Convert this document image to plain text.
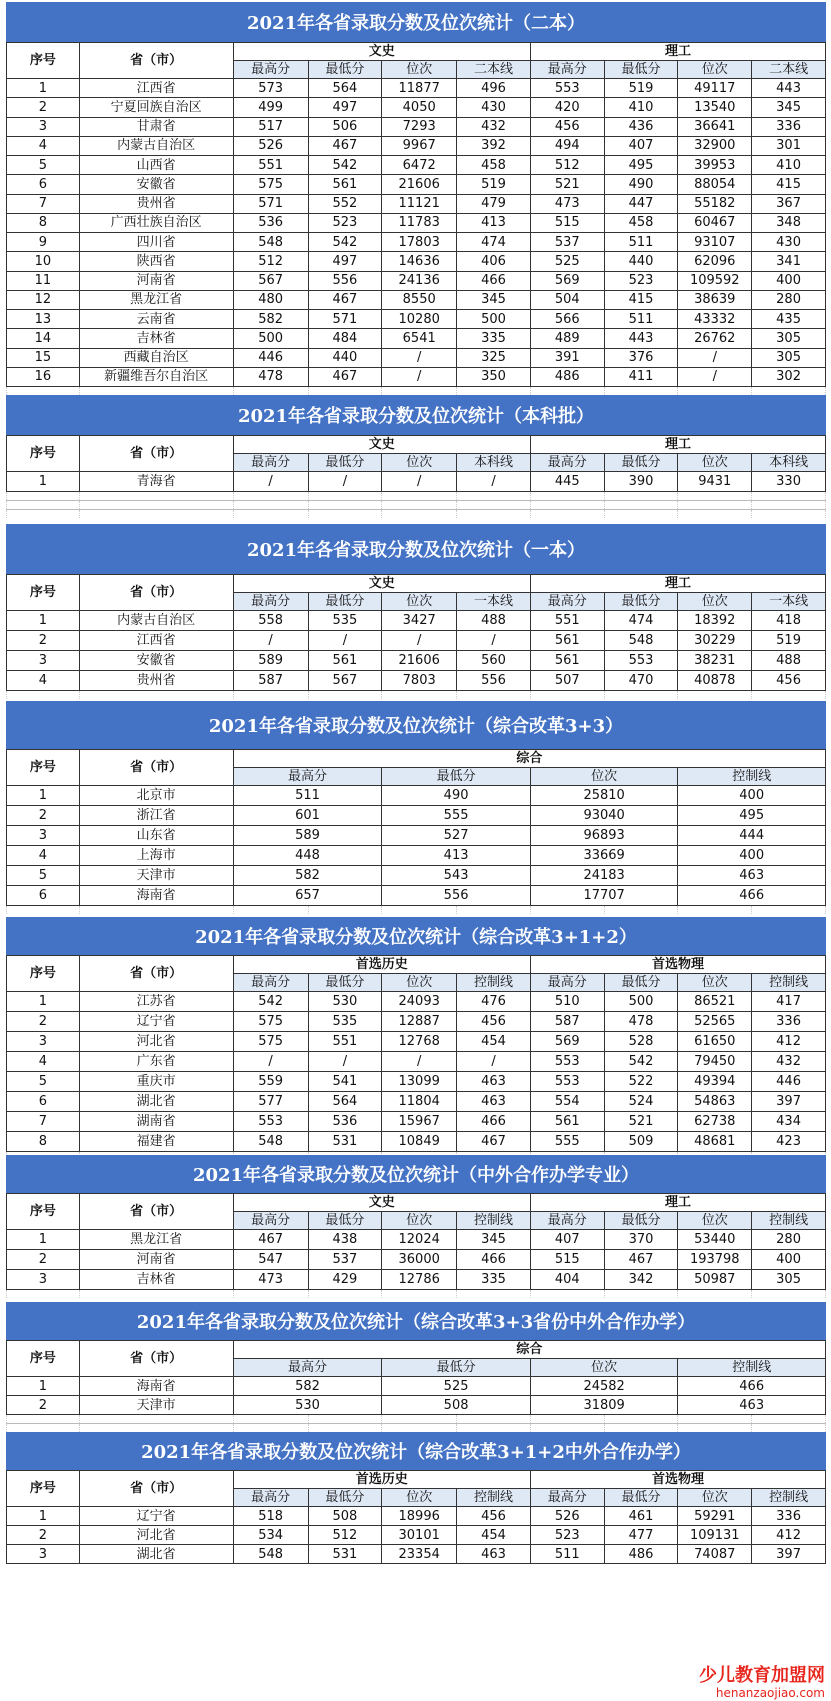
2021年各省录取分数及位次统计（二本）
序号	省（市）	文史				理工			
		最高分	最低分	位次	二本线	最高分	最低分	位次	二本线
1	江西省	573	564	11877	496	553	519	49117	443
2	宁夏回族自治区	499	497	4050	430	420	410	13540	345
3	甘肃省	517	506	7293	432	456	436	36641	336
4	内蒙古自治区	526	467	9967	392	494	407	32900	301
5	山西省	551	542	6472	458	512	495	39953	410
6	安徽省	575	561	21606	519	521	490	88054	415
7	贵州省	571	552	11121	479	473	447	55182	367
8	广西壮族自治区	536	523	11783	413	515	458	60467	348
9	四川省	548	542	17803	474	537	511	93107	430
10	陕西省	512	497	14636	406	525	440	62096	341
11	河南省	567	556	24136	466	569	523	109592	400
12	黑龙江省	480	467	8550	345	504	415	38639	280
13	云南省	582	571	10280	500	566	511	43332	435
14	吉林省	500	484	6541	335	489	443	26762	305
15	西藏自治区	446	440	/	325	391	376	/	305
16	新疆维吾尔自治区	478	467	/	350	486	411	/	302

2021年各省录取分数及位次统计（本科批）
序号	省（市）	文史				理工			
		最高分	最低分	位次	本科线	最高分	最低分	位次	本科线
1	青海省	/	/	/	/	445	390	9431	330

2021年各省录取分数及位次统计（一本）
序号	省（市）	文史				理工			
		最高分	最低分	位次	一本线	最高分	最低分	位次	一本线
1	内蒙古自治区	558	535	3427	488	551	474	18392	418
2	江西省	/	/	/	/	561	548	30229	519
3	安徽省	589	561	21606	560	561	553	38231	488
4	贵州省	587	567	7803	556	507	470	40878	456

2021年各省录取分数及位次统计（综合改革3+3）
序号	省（市）	综合							
		最高分		最低分		位次		控制线	
1	北京市	511		490		25810		400	
2	浙江省	601		555		93040		495	
3	山东省	589		527		96893		444	
4	上海市	448		413		33669		400	
5	天津市	582		543		24183		463	
6	海南省	657		556		17707		466	

2021年各省录取分数及位次统计（综合改革3+1+2）
序号	省（市）	首选历史				首选物理			
		最高分	最低分	位次	控制线	最高分	最低分	位次	控制线
1	江苏省	542	530	24093	476	510	500	86521	417
2	辽宁省	575	535	12887	456	587	478	52565	336
3	河北省	575	551	12768	454	569	528	61650	412
4	广东省	/	/	/	/	553	542	79450	432
5	重庆市	559	541	13099	463	553	522	49394	446
6	湖北省	577	564	11804	463	554	524	54863	397
7	湖南省	553	536	15967	466	561	521	62738	434
8	福建省	548	531	10849	467	555	509	48681	423

2021年各省录取分数及位次统计（中外合作办学专业）
序号	省（市）	文史				理工			
		最高分	最低分	位次	控制线	最高分	最低分	位次	控制线
1	黑龙江省	467	438	12024	345	407	370	53440	280
2	河南省	547	537	36000	466	515	467	193798	400
3	吉林省	473	429	12786	335	404	342	50987	305

2021年各省录取分数及位次统计（综合改革3+3省份中外合作办学）
序号	省（市）	综合							
		最高分		最低分		位次		控制线	
1	海南省	582		525		24582		466	
2	天津市	530		508		31809		463	

2021年各省录取分数及位次统计（综合改革3+1+2中外合作办学）
序号	省（市）	首选历史				首选物理			
		最高分	最低分	位次	控制线	最高分	最低分	位次	控制线
1	辽宁省	518	508	18996	456	526	461	59291	336
2	河北省	534	512	30101	454	523	477	109131	412
3	湖北省	548	531	23354	463	511	486	74087	397
少儿教育加盟网
henanzaojiao.com
